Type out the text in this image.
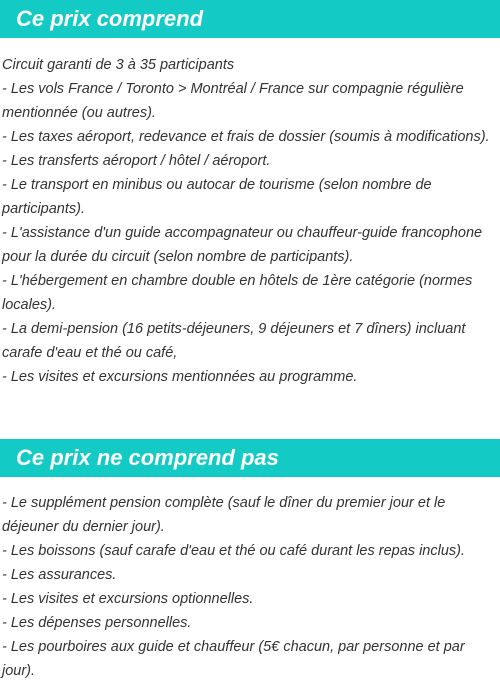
Ce prix comprend
Circuit garanti de 3 à 35 participants
- Les vols France / Toronto > Montréal / France sur compagnie régulière mentionnée (ou autres).
- Les taxes aéroport, redevance et frais de dossier (soumis à modifications).
- Les transferts aéroport / hôtel / aéroport.
- Le transport en minibus ou autocar de tourisme (selon nombre de participants).
- L'assistance d'un guide accompagnateur ou chauffeur-guide francophone pour la durée du circuit (selon nombre de participants).
- L'hébergement en chambre double en hôtels de 1ère catégorie (normes locales).
- La demi-pension (16 petits-déjeuners, 9 déjeuners et 7 dîners) incluant carafe d'eau et thé ou café,
- Les visites et excursions mentionnées au programme.
Ce prix ne comprend pas
- Le supplément pension complète (sauf le dîner du premier jour et le déjeuner du dernier jour).
- Les boissons (sauf carafe d'eau et thé ou café durant les repas inclus).
- Les assurances.
- Les visites et excursions optionnelles.
- Les dépenses personnelles.
- Les pourboires aux guide et chauffeur (5€ chacun, par personne et par jour).
